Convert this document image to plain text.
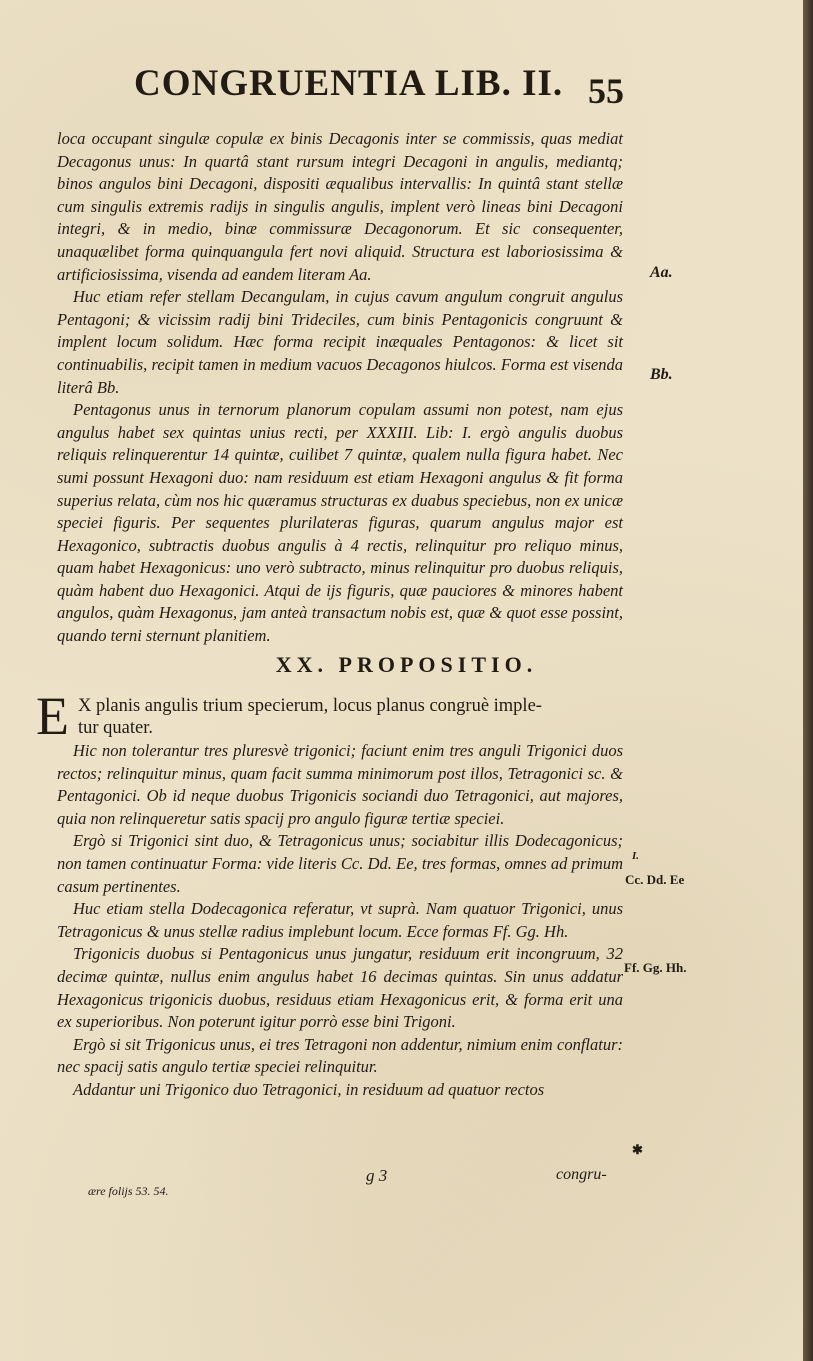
CONGRUENTIA LIB. II. 55

loca occupant singulæ copulæ ex binis Decagonis inter se commissis, quas mediat Decagonus unus: In quartâ stant rursum integri Decagoni in angulis, mediantq; binos angulos bini Decagoni, dispositi æqualibus intervallis: In quintâ stant stellæ cum singulis extremis radijs in singulis angulis, implent verò lineas bini Decagoni integri, & in medio, binæ commissuræ Decagonorum. Et sic consequenter, unaquælibet forma quinquangula fert novi aliquid. Structura est laboriosissima & artificiosissima, visenda ad eandem literam Aa.

Huc etiam refer stellam Decangulam, in cujus cavum angulum congruit angulus Pentagoni; & vicissim radij bini Trideciles, cum binis Pentagonicis congruunt & implent locum solidum. Hæc forma recipit inæquales Pentagonos: & licet sit continuabilis, recipit tamen in medium vacuos Decagonos hiulcos. Forma est visenda literâ Bb.

Pentagonus unus in ternorum planorum copulam assumi non potest, nam ejus angulus habet sex quintas unius recti, per XXXIII. Lib: I. ergò angulis duobus reliquis relinquerentur 14 quintæ, cuilibet 7 quintæ, qualem nulla figura habet. Nec sumi possunt Hexagoni duo: nam residuum est etiam Hexagoni angulus & fit forma superius relata, cùm nos hic quæramus structuras ex duabus speciebus, non ex unicæ speciei figuris. Per sequentes plurilateras figuras, quarum angulus major est Hexagonico, subtractis duobus angulis à 4 rectis, relinquitur pro reliquo minus, quam habet Hexagonicus: uno verò subtracto, minus relinquitur pro duobus reliquis, quàm habent duo Hexagonici. Atqui de ijs figuris, quæ pauciores & minores habent angulos, quàm Hexagonus, jam anteà transactum nobis est, quæ & quot esse possint, quando terni sternunt planitiem.

XX. PROPOSITIO.
E X planis angulis trium specierum, locus planus congruè imple-
tur quater.

Hic non tolerantur tres pluresvè trigonici; faciunt enim tres anguli Trigonici duos rectos; relinquitur minus, quam facit summa minimorum post illos, Tetragonici sc. & Pentagonici. Ob id neque duobus Trigonicis sociandi duo Tetragonici, aut majores, quia non relinqueretur satis spacij pro angulo figuræ tertiæ speciei.

Ergò si Trigonici sint duo, & Tetragonicus unus; sociabitur illis Dodecagonicus; non tamen continuatur Forma: vide literis Cc. Dd. Ee, tres formas, omnes ad primum casum pertinentes.

Huc etiam stella Dodecagonica referatur, vt suprà. Nam quatuor Trigonici, unus Tetragonicus & unus stellæ radius implebunt locum. Ecce formas Ff. Gg. Hh.

Trigonicis duobus si Pentagonicus unus jungatur, residuum erit incongruum, 32 decimæ quintæ, nullus enim angulus habet 16 decimas quintas. Sin unus addatur Hexagonicus trigonicis duobus, residuus etiam Hexagonicus erit, & forma erit una ex superioribus. Non poterunt igitur porrò esse bini Trigoni.

Ergò si sit Trigonicus unus, ei tres Tetragoni non addentur, nimium enim conflatur: nec spacij satis angulo tertiæ speciei relinquitur.

Addantur uni Trigonico duo Tetragonici, in residuum ad quatuor rectos

Aa.
Bb.
I.
Cc. Dd. Ee
Ff. Gg. Hh.
✱
g 3	congru-
ære folijs 53. 54.
